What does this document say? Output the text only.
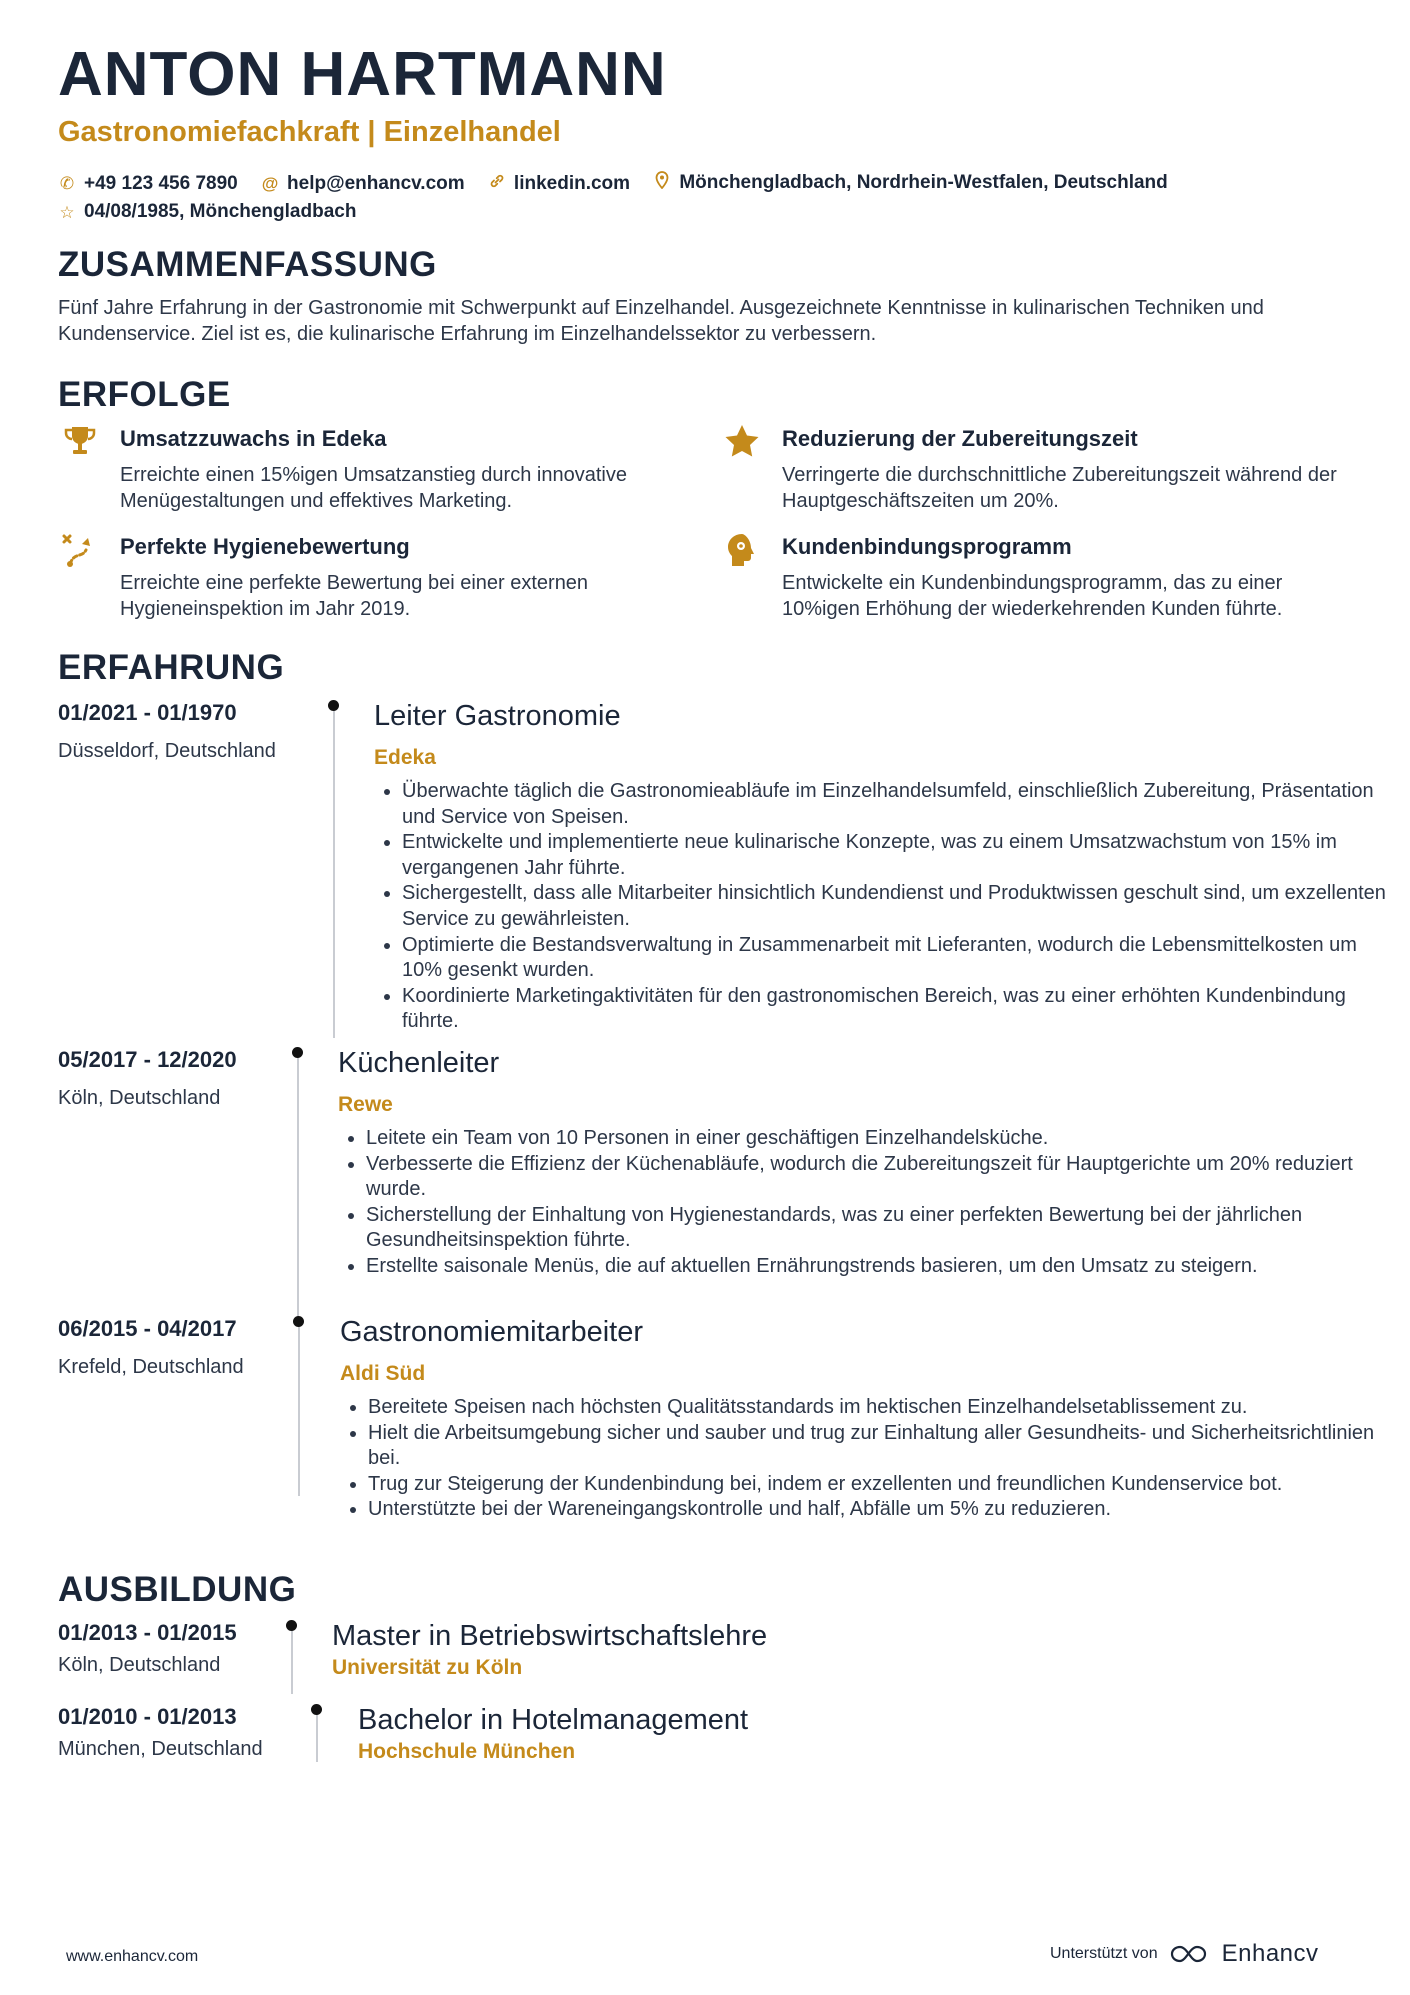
ANTON HARTMANN
Gastronomiefachkraft | Einzelhandel
✆ +49 123 456 7890
@ help@enhancv.com
	linkedin.com
	Mönchengladbach, Nordrhein-Westfalen, Deutschland
☆ 04/08/1985, Mönchengladbach
ZUSAMMENFASSUNG
Fünf Jahre Erfahrung in der Gastronomie mit Schwerpunkt auf Einzelhandel. Ausgezeichnete Kenntnisse in kulinarischen Techniken und Kundenservice. Ziel ist es, die kulinarische Erfahrung im Einzelhandelssektor zu verbessern.
ERFOLGE
Umsatzzuwachs in Edeka
Erreichte einen 15%igen Umsatzanstieg durch innovative Menügestaltungen und effektives Marketing.
Reduzierung der Zubereitungszeit
Verringerte die durchschnittliche Zubereitungszeit während der Hauptgeschäftszeiten um 20%.
Perfekte Hygienebewertung
Erreichte eine perfekte Bewertung bei einer externen Hygieneinspektion im Jahr 2019.
Kundenbindungsprogramm
Entwickelte ein Kundenbindungsprogramm, das zu einer 10%igen Erhöhung der wiederkehrenden Kunden führte.
ERFAHRUNG
01/2021 - 01/1970
Düsseldorf, Deutschland
Leiter Gastronomie
Edeka
• Überwachte täglich die Gastronomieabläufe im Einzelhandelsumfeld, einschließlich Zubereitung, Präsentation und Service von Speisen.
• Entwickelte und implementierte neue kulinarische Konzepte, was zu einem Umsatzwachstum von 15% im vergangenen Jahr führte.
• Sichergestellt, dass alle Mitarbeiter hinsichtlich Kundendienst und Produktwissen geschult sind, um exzellenten Service zu gewährleisten.
• Optimierte die Bestandsverwaltung in Zusammenarbeit mit Lieferanten, wodurch die Lebensmittelkosten um 10% gesenkt wurden.
• Koordinierte Marketingaktivitäten für den gastronomischen Bereich, was zu einer erhöhten Kundenbindung führte.
05/2017 - 12/2020
Köln, Deutschland
Küchenleiter
Rewe
• Leitete ein Team von 10 Personen in einer geschäftigen Einzelhandelsküche.
• Verbesserte die Effizienz der Küchenabläufe, wodurch die Zubereitungszeit für Hauptgerichte um 20% reduziert wurde.
• Sicherstellung der Einhaltung von Hygienestandards, was zu einer perfekten Bewertung bei der jährlichen Gesundheitsinspektion führte.
• Erstellte saisonale Menüs, die auf aktuellen Ernährungstrends basieren, um den Umsatz zu steigern.
06/2015 - 04/2017
Krefeld, Deutschland
Gastronomiemitarbeiter
Aldi Süd
• Bereitete Speisen nach höchsten Qualitätsstandards im hektischen Einzelhandelsetablissement zu.
• Hielt die Arbeitsumgebung sicher und sauber und trug zur Einhaltung aller Gesundheits- und Sicherheitsrichtlinien bei.
• Trug zur Steigerung der Kundenbindung bei, indem er exzellenten und freundlichen Kundenservice bot.
• Unterstützte bei der Wareneingangskontrolle und half, Abfälle um 5% zu reduzieren.
AUSBILDUNG
01/2013 - 01/2015
Köln, Deutschland
Master in Betriebswirtschaftslehre
Universität zu Köln
01/2010 - 01/2013
München, Deutschland
Bachelor in Hotelmanagement
Hochschule München
www.enhancv.com	Unterstützt von	Enhancv
